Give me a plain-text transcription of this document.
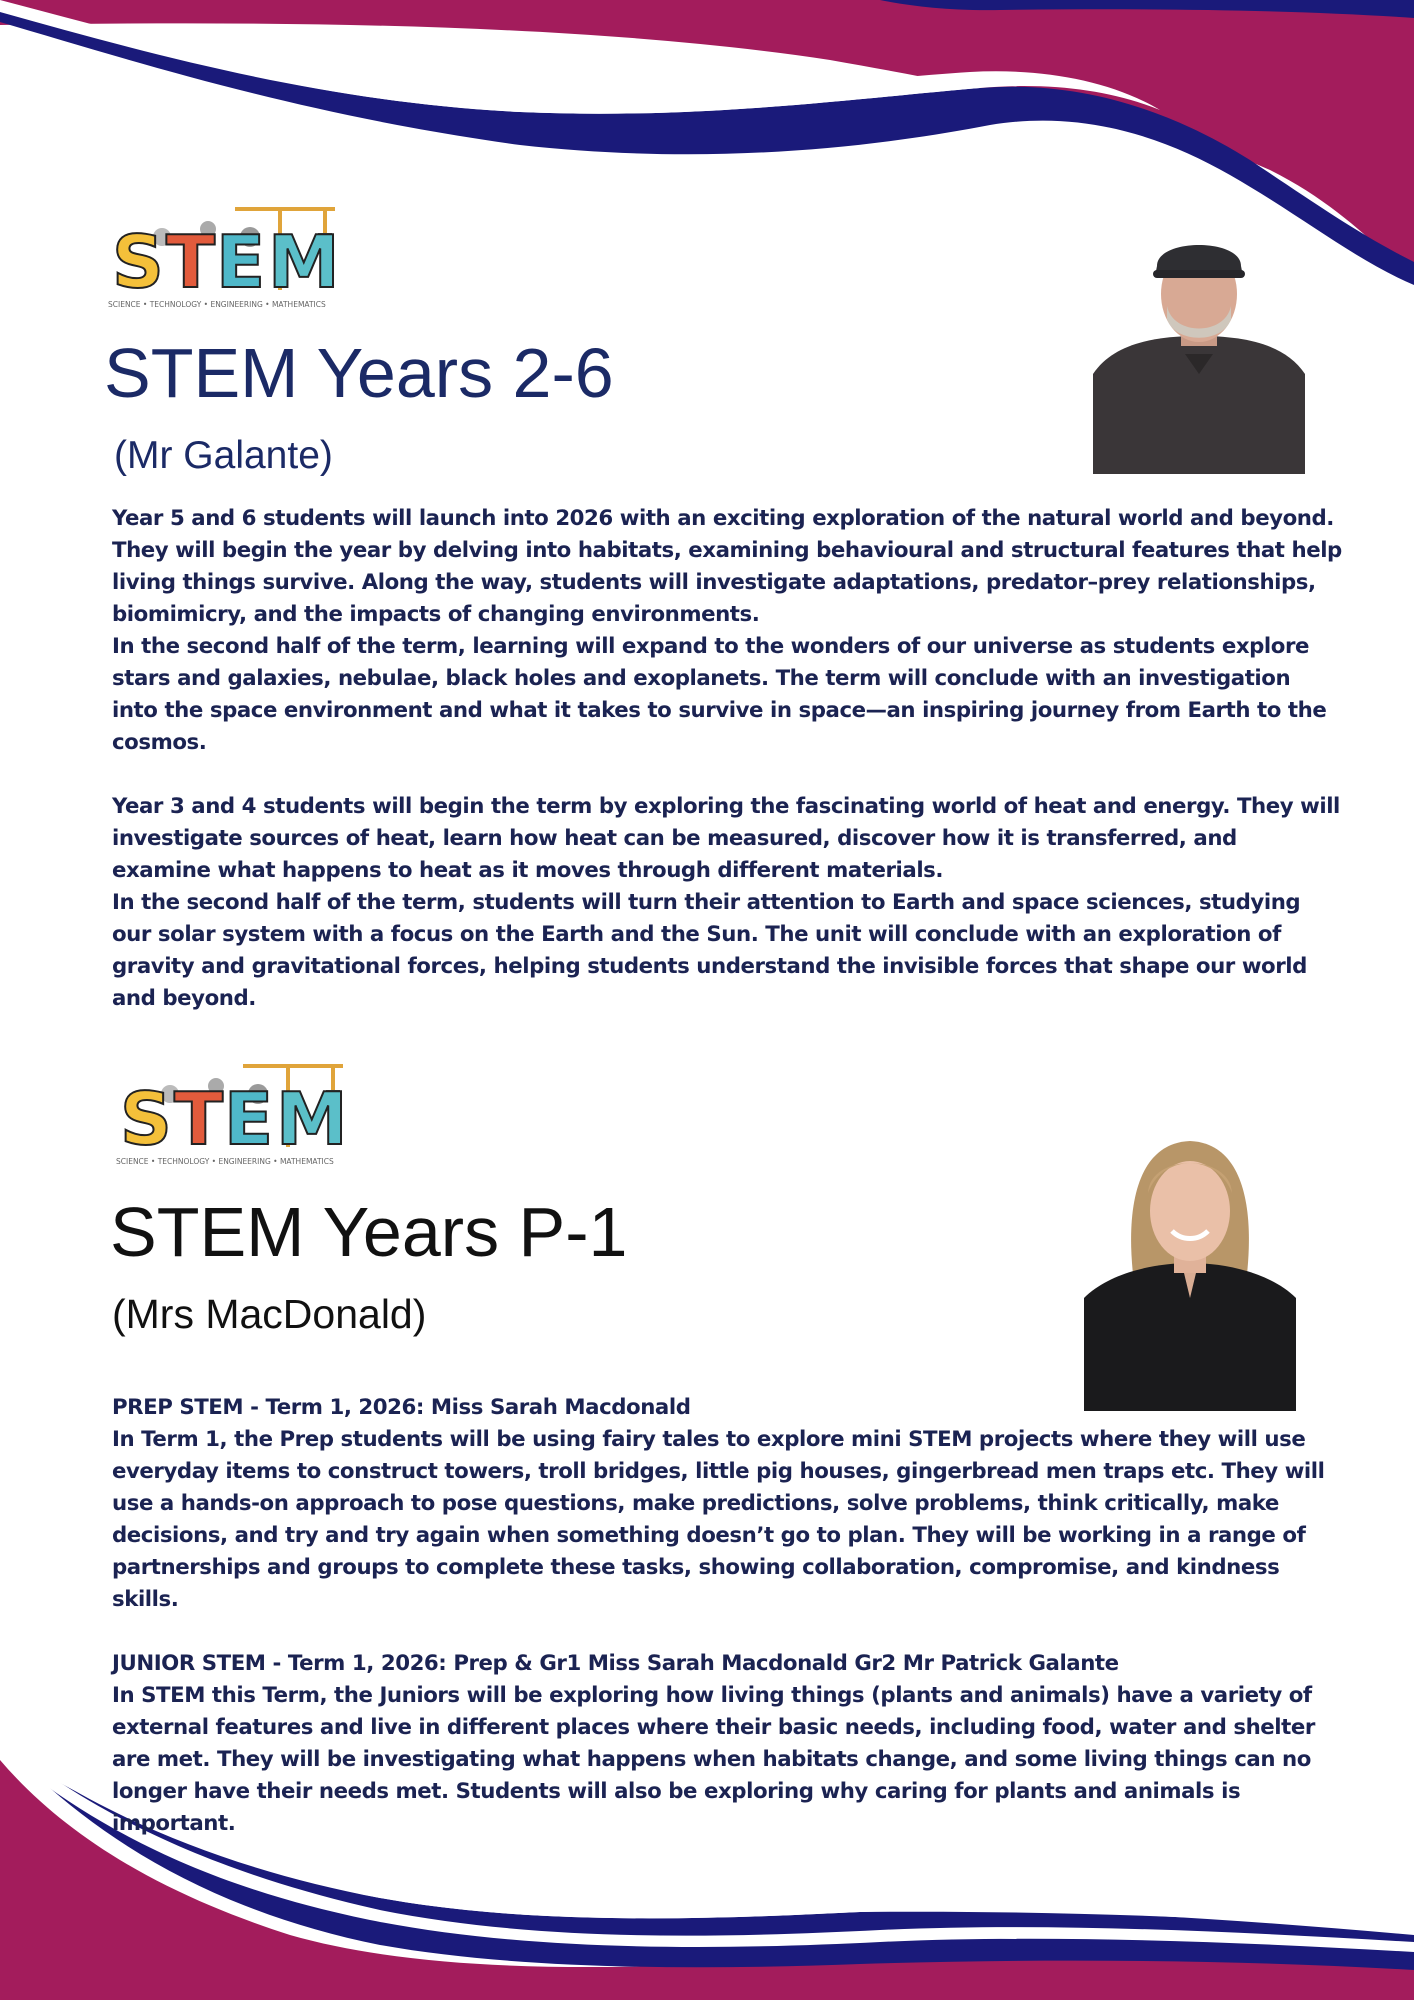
S T E M
SCIENCE • TECHNOLOGY • ENGINEERING • MATHEMATICS
STEM Years 2-6
(Mr Galante)

Year 5 and 6 students will launch into 2026 with an exciting exploration of the natural world and beyond. They will begin the year by delving into habitats, examining behavioural and structural features that help living things survive. Along the way, students will investigate adaptations, predator–prey relationships, biomimicry, and the impacts of changing environments.

In the second half of the term, learning will expand to the wonders of our universe as students explore stars and galaxies, nebulae, black holes and exoplanets. The term will conclude with an investigation into the space environment and what it takes to survive in space—an inspiring journey from Earth to the cosmos.

Year 3 and 4 students will begin the term by exploring the fascinating world of heat and energy. They will investigate sources of heat, learn how heat can be measured, discover how it is transferred, and examine what happens to heat as it moves through different materials.

In the second half of the term, students will turn their attention to Earth and space sciences, studying our solar system with a focus on the Earth and the Sun. The unit will conclude with an exploration of gravity and gravitational forces, helping students understand the invisible forces that shape our world and beyond.

S T E M
SCIENCE • TECHNOLOGY • ENGINEERING • MATHEMATICS
STEM Years P-1
(Mrs MacDonald)

PREP STEM - Term 1, 2026: Miss Sarah Macdonald

In Term 1, the Prep students will be using fairy tales to explore mini STEM projects where they will use everyday items to construct towers, troll bridges, little pig houses, gingerbread men traps etc. They will use a hands-on approach to pose questions, make predictions, solve problems, think critically, make decisions, and try and try again when something doesn’t go to plan. They will be working in a range of partnerships and groups to complete these tasks, showing collaboration, compromise, and kindness skills.

JUNIOR STEM - Term 1, 2026: Prep & Gr1 Miss Sarah Macdonald Gr2 Mr Patrick Galante

In STEM this Term, the Juniors will be exploring how living things (plants and animals) have a variety of external features and live in different places where their basic needs, including food, water and shelter are met. They will be investigating what happens when habitats change, and some living things can no longer have their needs met. Students will also be exploring why caring for plants and animals is important.
